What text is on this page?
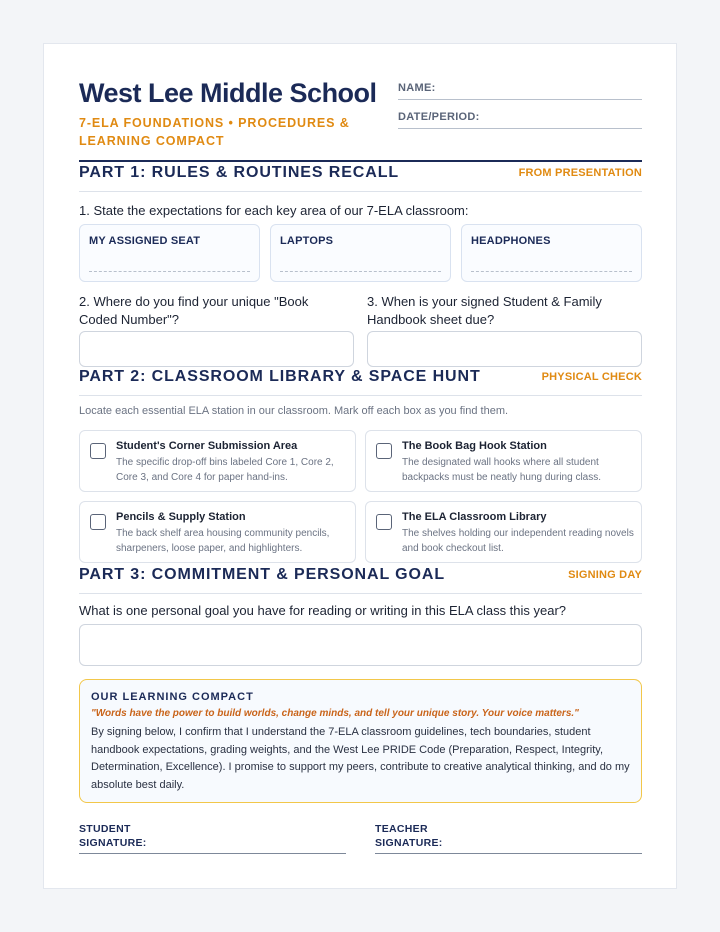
West Lee Middle School
7-ELA FOUNDATIONS • PROCEDURES & LEARNING COMPACT
NAME:
DATE/PERIOD:
PART 1: RULES & ROUTINES RECALL	FROM PRESENTATION
1. State the expectations for each key area of our 7-ELA classroom:
MY ASSIGNED SEAT	LAPTOPS	HEADPHONES
2. Where do you find your unique "Book Coded Number"?
3. When is your signed Student & Family Handbook sheet due?
PART 2: CLASSROOM LIBRARY & SPACE HUNT	PHYSICAL CHECK
Locate each essential ELA station in our classroom. Mark off each box as you find them.
Student's Corner Submission Area
The specific drop-off bins labeled Core 1, Core 2, Core 3, and Core 4 for paper hand-ins.
The Book Bag Hook Station
The designated wall hooks where all student backpacks must be neatly hung during class.
Pencils & Supply Station
The back shelf area housing community pencils, sharpeners, loose paper, and highlighters.
The ELA Classroom Library
The shelves holding our independent reading novels and book checkout list.
PART 3: COMMITMENT & PERSONAL GOAL	SIGNING DAY
What is one personal goal you have for reading or writing in this ELA class this year?
OUR LEARNING COMPACT
"Words have the power to build worlds, change minds, and tell your unique story. Your voice matters."
By signing below, I confirm that I understand the 7-ELA classroom guidelines, tech boundaries, student handbook expectations, grading weights, and the West Lee PRIDE Code (Preparation, Respect, Integrity, Determination, Excellence). I promise to support my peers, contribute to creative analytical thinking, and do my absolute best daily.
STUDENT SIGNATURE:
TEACHER SIGNATURE:
